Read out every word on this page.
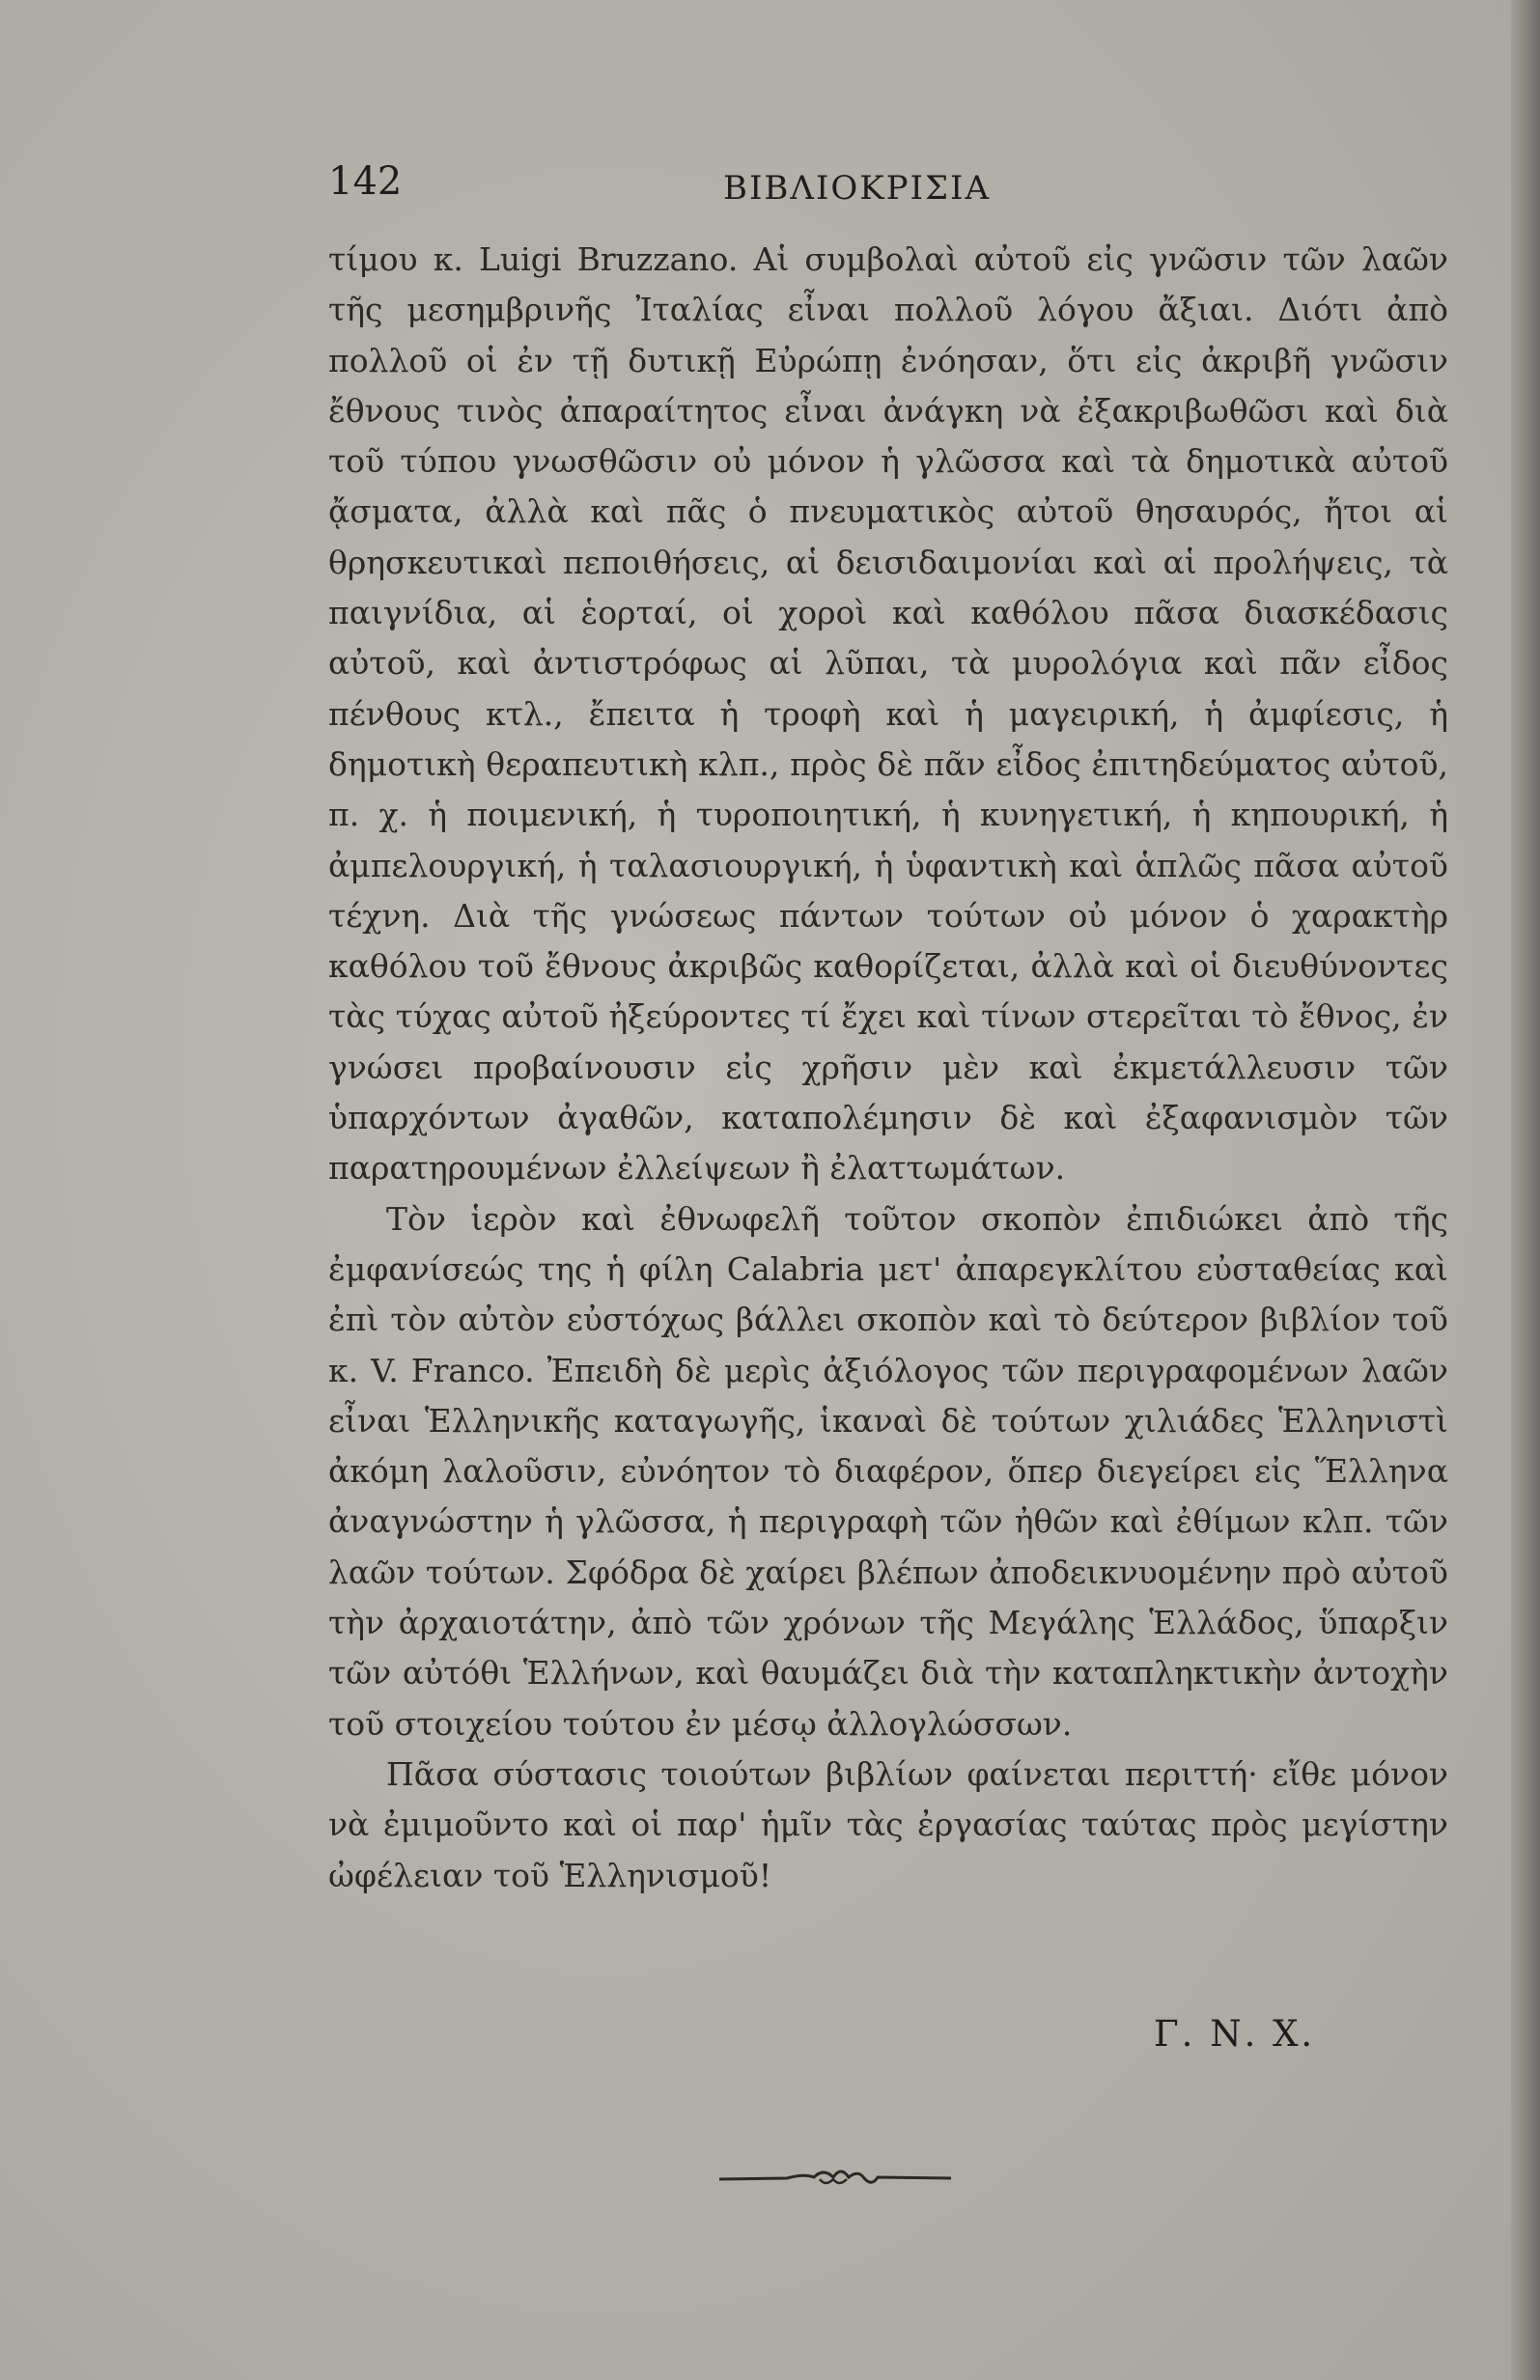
142	ΒΙΒΛΙΟΚΡΙΣΙΑ

τίμου κ. Luigi Bruzzano. Αἱ συμβολαὶ αὐτοῦ εἰς γνῶσιν τῶν λαῶν τῆς μεσημβρινῆς Ἰταλίας εἶναι πολλοῦ λόγου ἄξιαι. Διότι ἀπὸ πολλοῦ οἱ ἐν τῇ δυτικῇ Εὐρώπῃ ἐνόησαν, ὅτι εἰς ἀκριβῆ γνῶσιν ἔθνους τινὸς ἀπαραίτητος εἶναι ἀνάγκη νὰ ἐξακριβωθῶσι καὶ διὰ τοῦ τύπου γνωσθῶσιν οὐ μόνον ἡ γλῶσσα καὶ τὰ δημοτικὰ αὐτοῦ ᾄσματα, ἀλλὰ καὶ πᾶς ὁ πνευματικὸς αὐτοῦ θησαυρός, ἤτοι αἱ θρησκευτικαὶ πεποιθήσεις, αἱ δεισιδαιμονίαι καὶ αἱ προλήψεις, τὰ παιγνίδια, αἱ ἑορταί, οἱ χοροὶ καὶ καθόλου πᾶσα διασκέδασις αὐτοῦ, καὶ ἀντιστρόφως αἱ λῦπαι, τὰ μυρολόγια καὶ πᾶν εἶδος πένθους κτλ., ἔπειτα ἡ τροφὴ καὶ ἡ μαγειρική, ἡ ἀμφίεσις, ἡ δημοτικὴ θεραπευτικὴ κλπ., πρὸς δὲ πᾶν εἶδος ἐπιτηδεύματος αὐτοῦ, π. χ. ἡ ποιμενική, ἡ τυροποιητική, ἡ κυνηγετική, ἡ κηπουρική, ἡ ἀμπελουργική, ἡ ταλασιουργική, ἡ ὑφαντικὴ καὶ ἁπλῶς πᾶσα αὐτοῦ τέχνη. Διὰ τῆς γνώσεως πάντων τούτων οὐ μόνον ὁ χαρακτὴρ καθόλου τοῦ ἔθνους ἀκριβῶς καθορίζεται, ἀλλὰ καὶ οἱ διευθύνοντες τὰς τύχας αὐτοῦ ἠξεύροντες τί ἔχει καὶ τίνων στερεῖται τὸ ἔθνος, ἐν γνώσει προβαίνουσιν εἰς χρῆσιν μὲν καὶ ἐκμετάλλευσιν τῶν ὑπαρχόντων ἀγαθῶν, καταπολέμησιν δὲ καὶ ἐξαφανισμὸν τῶν παρατηρουμένων ἐλλείψεων ἢ ἐλαττωμάτων.

Τὸν ἱερὸν καὶ ἐθνωφελῆ τοῦτον σκοπὸν ἐπιδιώκει ἀπὸ τῆς ἐμφανίσεώς της ἡ φίλη Calabria μετ' ἀπαρεγκλίτου εὐσταθείας καὶ ἐπὶ τὸν αὐτὸν εὐστόχως βάλλει σκοπὸν καὶ τὸ δεύτερον βιβλίον τοῦ κ. V. Franco. Ἐπειδὴ δὲ μερὶς ἀξιόλογος τῶν περιγραφομένων λαῶν εἶναι Ἑλληνικῆς καταγωγῆς, ἱκαναὶ δὲ τούτων χιλιάδες Ἑλληνιστὶ ἀκόμη λαλοῦσιν, εὐνόητον τὸ διαφέρον, ὅπερ διεγείρει εἰς Ἕλληνα ἀναγνώστην ἡ γλῶσσα, ἡ περιγραφὴ τῶν ἠθῶν καὶ ἐθίμων κλπ. τῶν λαῶν τούτων. Σφόδρα δὲ χαίρει βλέπων ἀποδεικνυομένην πρὸ αὐτοῦ τὴν ἀρχαιοτάτην, ἀπὸ τῶν χρόνων τῆς Μεγάλης Ἑλλάδος, ὕπαρξιν τῶν αὐτόθι Ἑλλήνων, καὶ θαυμάζει διὰ τὴν καταπληκτικὴν ἀντοχὴν τοῦ στοιχείου τούτου ἐν μέσῳ ἀλλογλώσσων.

Πᾶσα σύστασις τοιούτων βιβλίων φαίνεται περιττή· εἴθε μόνον νὰ ἐμιμοῦντο καὶ οἱ παρ' ἡμῖν τὰς ἐργασίας ταύτας πρὸς μεγίστην ὠφέλειαν τοῦ Ἑλληνισμοῦ!

Γ. Ν. Χ.
